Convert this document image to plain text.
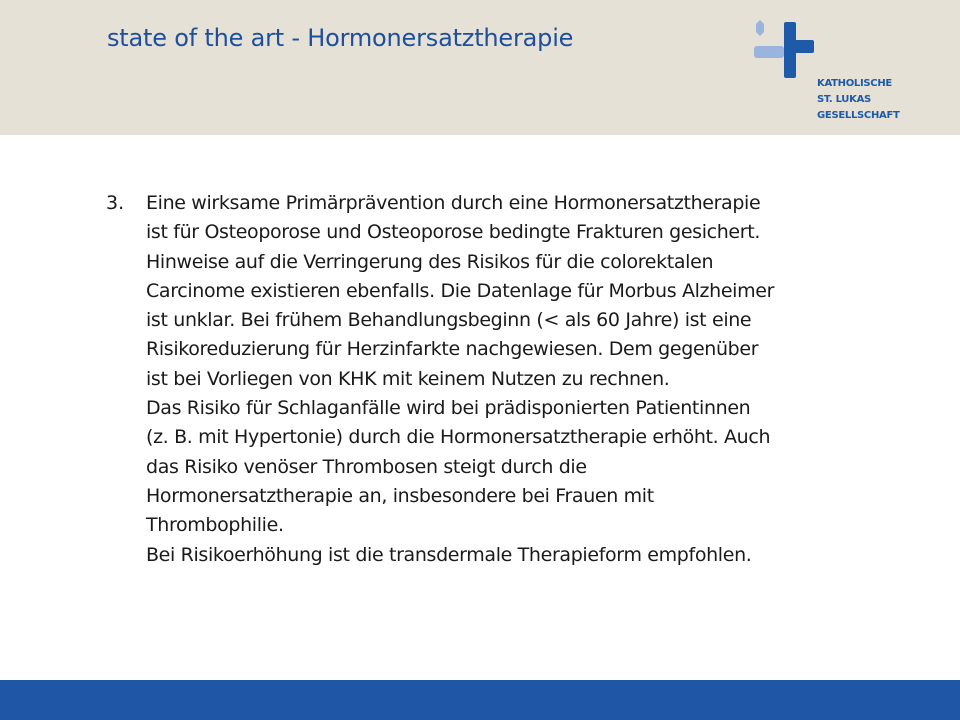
state of the art - Hormonersatztherapie
KATHOLISCHE
ST. LUKAS
GESELLSCHAFT
3. Eine wirksame Primärprävention durch eine Hormonersatztherapie
ist für Osteoporose und Osteoporose bedingte Frakturen gesichert.
Hinweise auf die Verringerung des Risikos für die colorektalen
Carcinome existieren ebenfalls. Die Datenlage für Morbus Alzheimer
ist unklar. Bei frühem Behandlungsbeginn (< als 60 Jahre) ist eine
Risikoreduzierung für Herzinfarkte nachgewiesen. Dem gegenüber
ist bei Vorliegen von KHK mit keinem Nutzen zu rechnen.
Das Risiko für Schlaganfälle wird bei prädisponierten Patientinnen
(z. B. mit Hypertonie) durch die Hormonersatztherapie erhöht. Auch
das Risiko venöser Thrombosen steigt durch die
Hormonersatztherapie an, insbesondere bei Frauen mit
Thrombophilie.
Bei Risikoerhöhung ist die transdermale Therapieform empfohlen.
